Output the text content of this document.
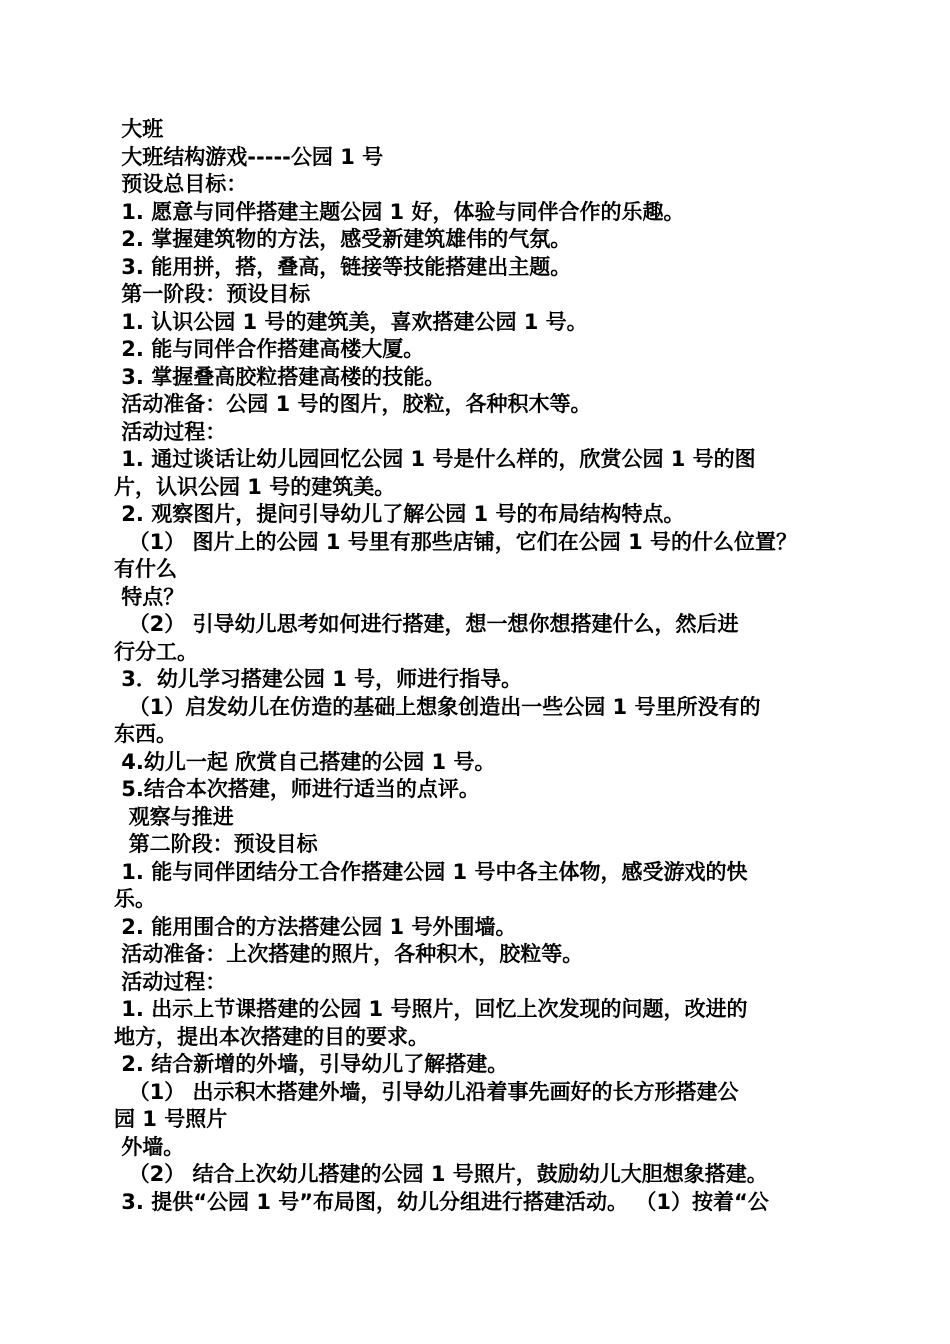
大班
大班结构游戏-----公园 1 号
预设总目标：
1. 愿意与同伴搭建主题公园 1 好，体验与同伴合作的乐趣。
2. 掌握建筑物的方法，感受新建筑雄伟的气氛。
3. 能用拼，搭，叠高，链接等技能搭建出主题。
第一阶段：预设目标
1. 认识公园 1 号的建筑美，喜欢搭建公园 1 号。
2. 能与同伴合作搭建高楼大厦。
3. 掌握叠高胶粒搭建高楼的技能。
活动准备：公园 1 号的图片，胶粒，各种积木等。
活动过程：
1. 通过谈话让幼儿园回忆公园 1 号是什么样的，欣赏公园 1 号的图
片，认识公园 1 号的建筑美。
2. 观察图片，提问引导幼儿了解公园 1 号的布局结构特点。
（1） 图片上的公园 1 号里有那些店铺，它们在公园 1 号的什么位置？
有什么
特点？
（2） 引导幼儿思考如何进行搭建，想一想你想搭建什么，然后进
行分工。
3．幼儿学习搭建公园 1 号，师进行指导。
（1）启发幼儿在仿造的基础上想象创造出一些公园 1 号里所没有的
东西。
4.幼儿一起 欣赏自己搭建的公园 1 号。
5.结合本次搭建，师进行适当的点评。
观察与推进
第二阶段：预设目标
1. 能与同伴团结分工合作搭建公园 1 号中各主体物，感受游戏的快
乐。
2. 能用围合的方法搭建公园 1 号外围墙。
活动准备：上次搭建的照片，各种积木，胶粒等。
活动过程：
1. 出示上节课搭建的公园 1 号照片，回忆上次发现的问题，改进的
地方，提出本次搭建的目的要求。
2. 结合新增的外墙，引导幼儿了解搭建。
（1） 出示积木搭建外墙，引导幼儿沿着事先画好的长方形搭建公
园 1 号照片
外墙。
（2） 结合上次幼儿搭建的公园 1 号照片，鼓励幼儿大胆想象搭建。
3. 提供“公园 1 号”布局图，幼儿分组进行搭建活动。 （1）按着“公
